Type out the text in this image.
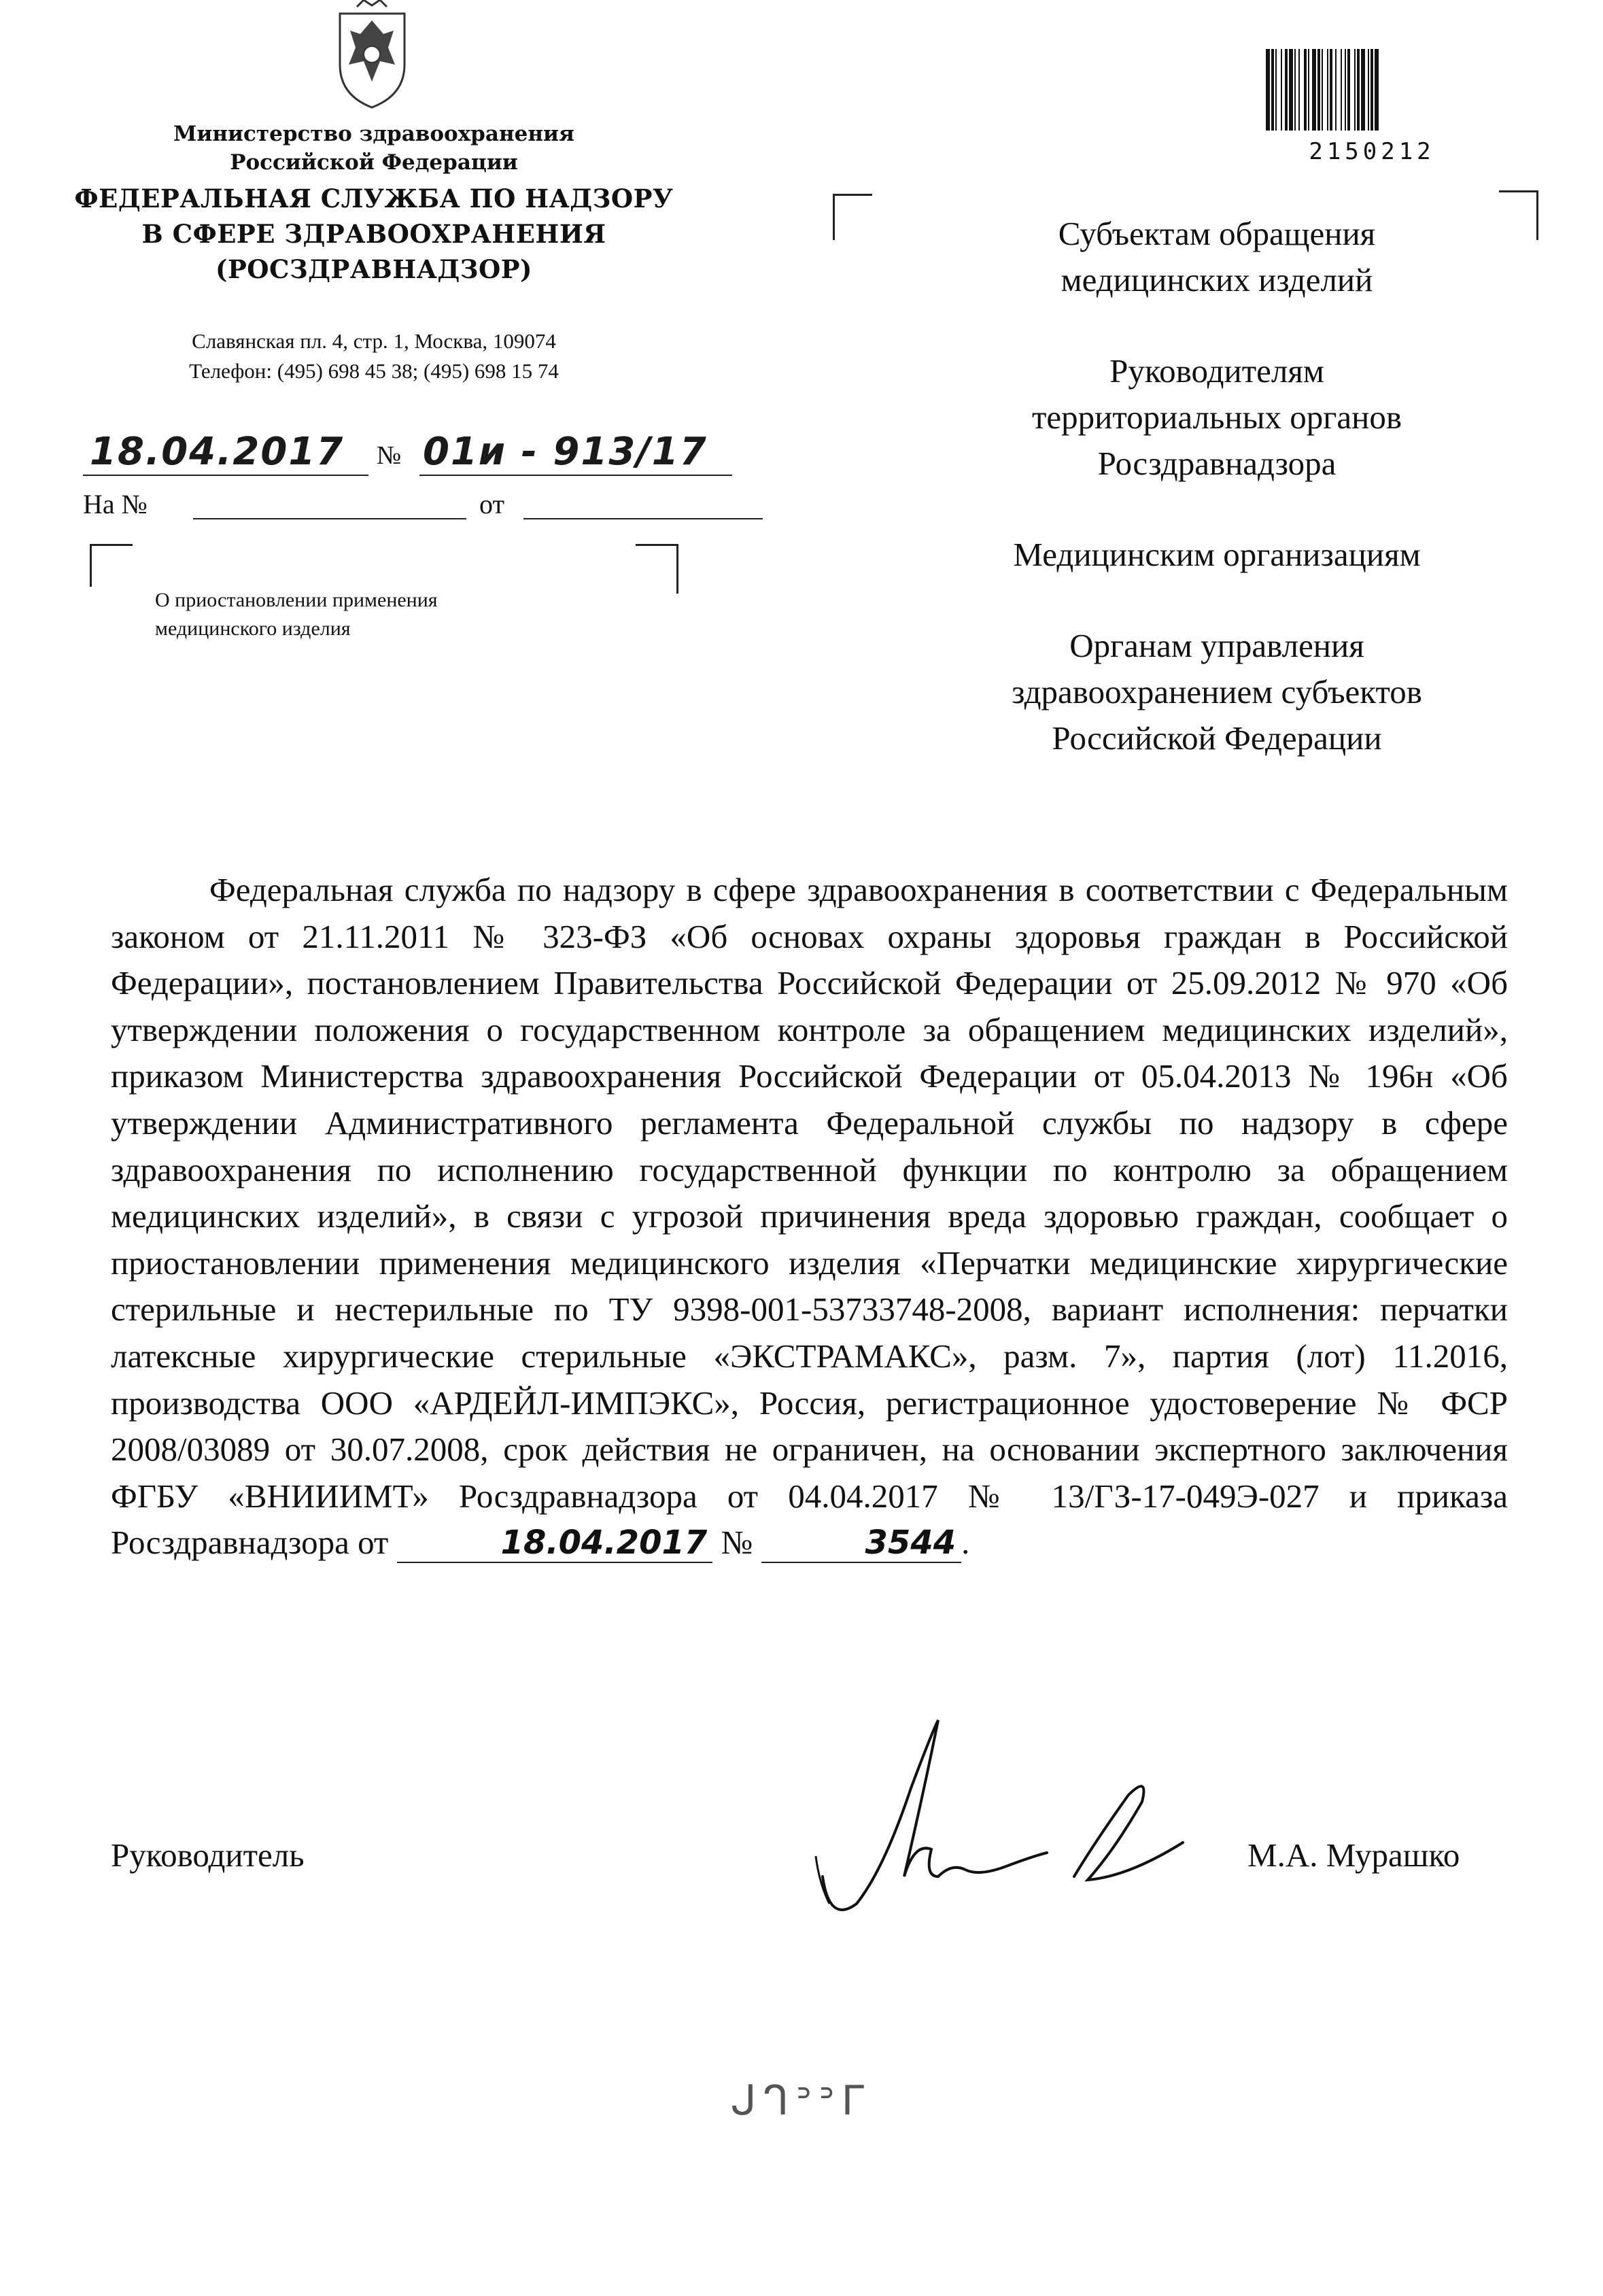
Министерство здравоохранения
Российской Федерации
ФЕДЕРАЛЬНАЯ СЛУЖБА ПО НАДЗОРУ
В СФЕРЕ ЗДРАВООХРАНЕНИЯ
(РОСЗДРАВНАДЗОР)
Славянская пл. 4, стр. 1, Москва, 109074
Телефон: (495) 698 45 38; (495) 698 15 74
18.04.2017 № 01и - 913/17
На №	от
О приостановлении применения
медицинского изделия
2150212
Субъектам обращения
медицинских изделий
Руководителям
территориальных органов
Росздравнадзора
Медицинским организациям
Органам управления
здравоохранением субъектов
Российской Федерации

Федеральная служба по надзору в сфере здравоохранения в соответствии с Федеральным законом от 21.11.2011 № 323-ФЗ «Об основах охраны здоровья граждан в Российской Федерации», постановлением Правительства Российской Федерации от 25.09.2012 № 970 «Об утверждении положения о государственном контроле за обращением медицинских изделий», приказом Министерства здравоохранения Российской Федерации от 05.04.2013 № 196н «Об утверждении Административного регламента Федеральной службы по надзору в сфере здравоохранения по исполнению государственной функции по контролю за обращением медицинских изделий», в связи с угрозой причинения вреда здоровью граждан, сообщает о приостановлении применения медицинского изделия «Перчатки медицинские хирургические стерильные и нестерильные по ТУ 9398-001-53733748-2008, вариант исполнения: перчатки латексные хирургические стерильные «ЭКСТРАМАКС», разм. 7», партия (лот) 11.2016, производства ООО «АРДЕЙЛ-ИМПЭКС», Россия, регистрационное удостоверение № ФСР 2008/03089 от 30.07.2008, срок действия не ограничен, на основании экспертного заключения ФГБУ «ВНИИИМТ» Росздравнадзора от 04.04.2017 № 13/ГЗ-17-049Э-027 и приказа Росздравнадзора от	18.04.2017 №	3544 .

Руководитель	М.А. Мурашко
ᒍᒉᐣᐣᒥ
